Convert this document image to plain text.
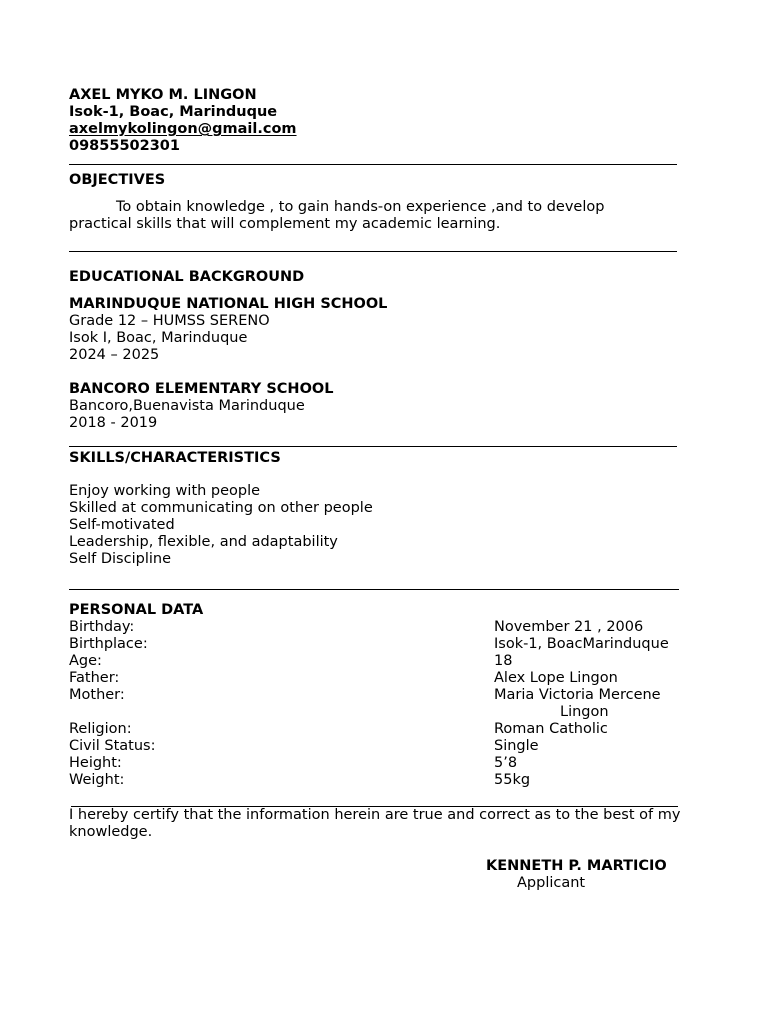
AXEL MYKO M. LINGON
Isok-1, Boac, Marinduque
axelmykolingon@gmail.com
09855502301
OBJECTIVES
To obtain knowledge , to gain hands-on experience ,and to develop
practical skills that will complement my academic learning.
EDUCATIONAL BACKGROUND
MARINDUQUE NATIONAL HIGH SCHOOL
Grade 12 – HUMSS SERENO
Isok I, Boac, Marinduque
2024 – 2025
BANCORO ELEMENTARY SCHOOL
Bancoro,Buenavista Marinduque
2018 - 2019
SKILLS/CHARACTERISTICS
Enjoy working with people
Skilled at communicating on other people
Self-motivated
Leadership, flexible, and adaptability
Self Discipline
PERSONAL DATA
Birthday:	November 21 , 2006
Birthplace:	Isok-1, BoacMarinduque
Age:	18
Father:	Alex Lope Lingon
Mother:	Maria Victoria Mercene
Lingon
Religion:	Roman Catholic
Civil Status:	Single
Height:	5’8
Weight:	55kg
I hereby certify that the information herein are true and correct as to the best of my knowledge.
KENNETH P. MARTICIO
Applicant
